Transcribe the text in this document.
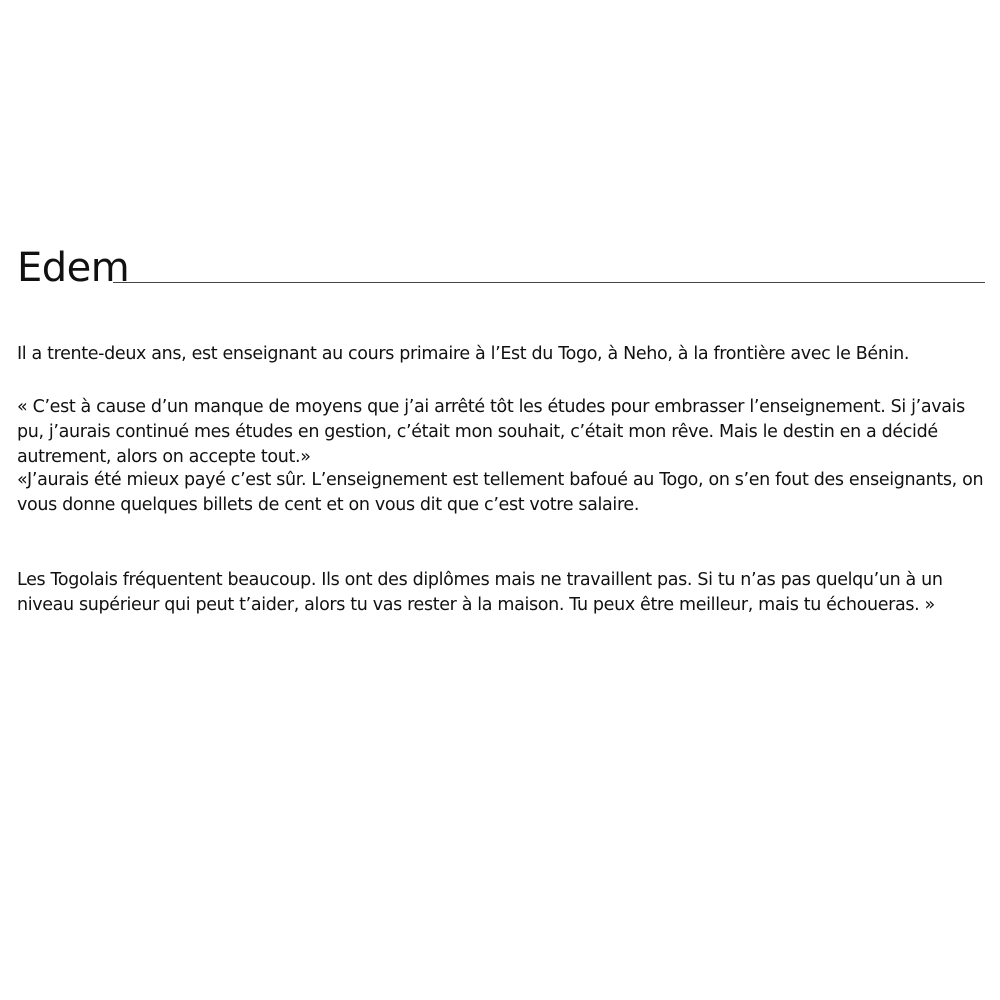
Edem

Il a trente-deux ans, est enseignant au cours primaire à l’Est du Togo, à Neho, à la frontière avec le Bénin.

« C’est à cause d’un manque de moyens que j’ai arrêté tôt les études pour embrasser l’enseignement. Si j’avais pu, j’aurais continué mes études en gestion, c’était mon souhait, c’était mon rêve. Mais le destin en a décidé autrement, alors on accepte tout.»

«J’aurais été mieux payé c’est sûr. L’enseignement est tellement bafoué au Togo, on s’en fout des enseignants, on vous donne quelques billets de cent et on vous dit que c’est votre salaire.

Les Togolais fréquentent beaucoup. Ils ont des diplômes mais ne travaillent pas. Si tu n’as pas quelqu’un à un niveau supérieur qui peut t’aider, alors tu vas rester à la maison. Tu peux être meilleur, mais tu échoueras. »
